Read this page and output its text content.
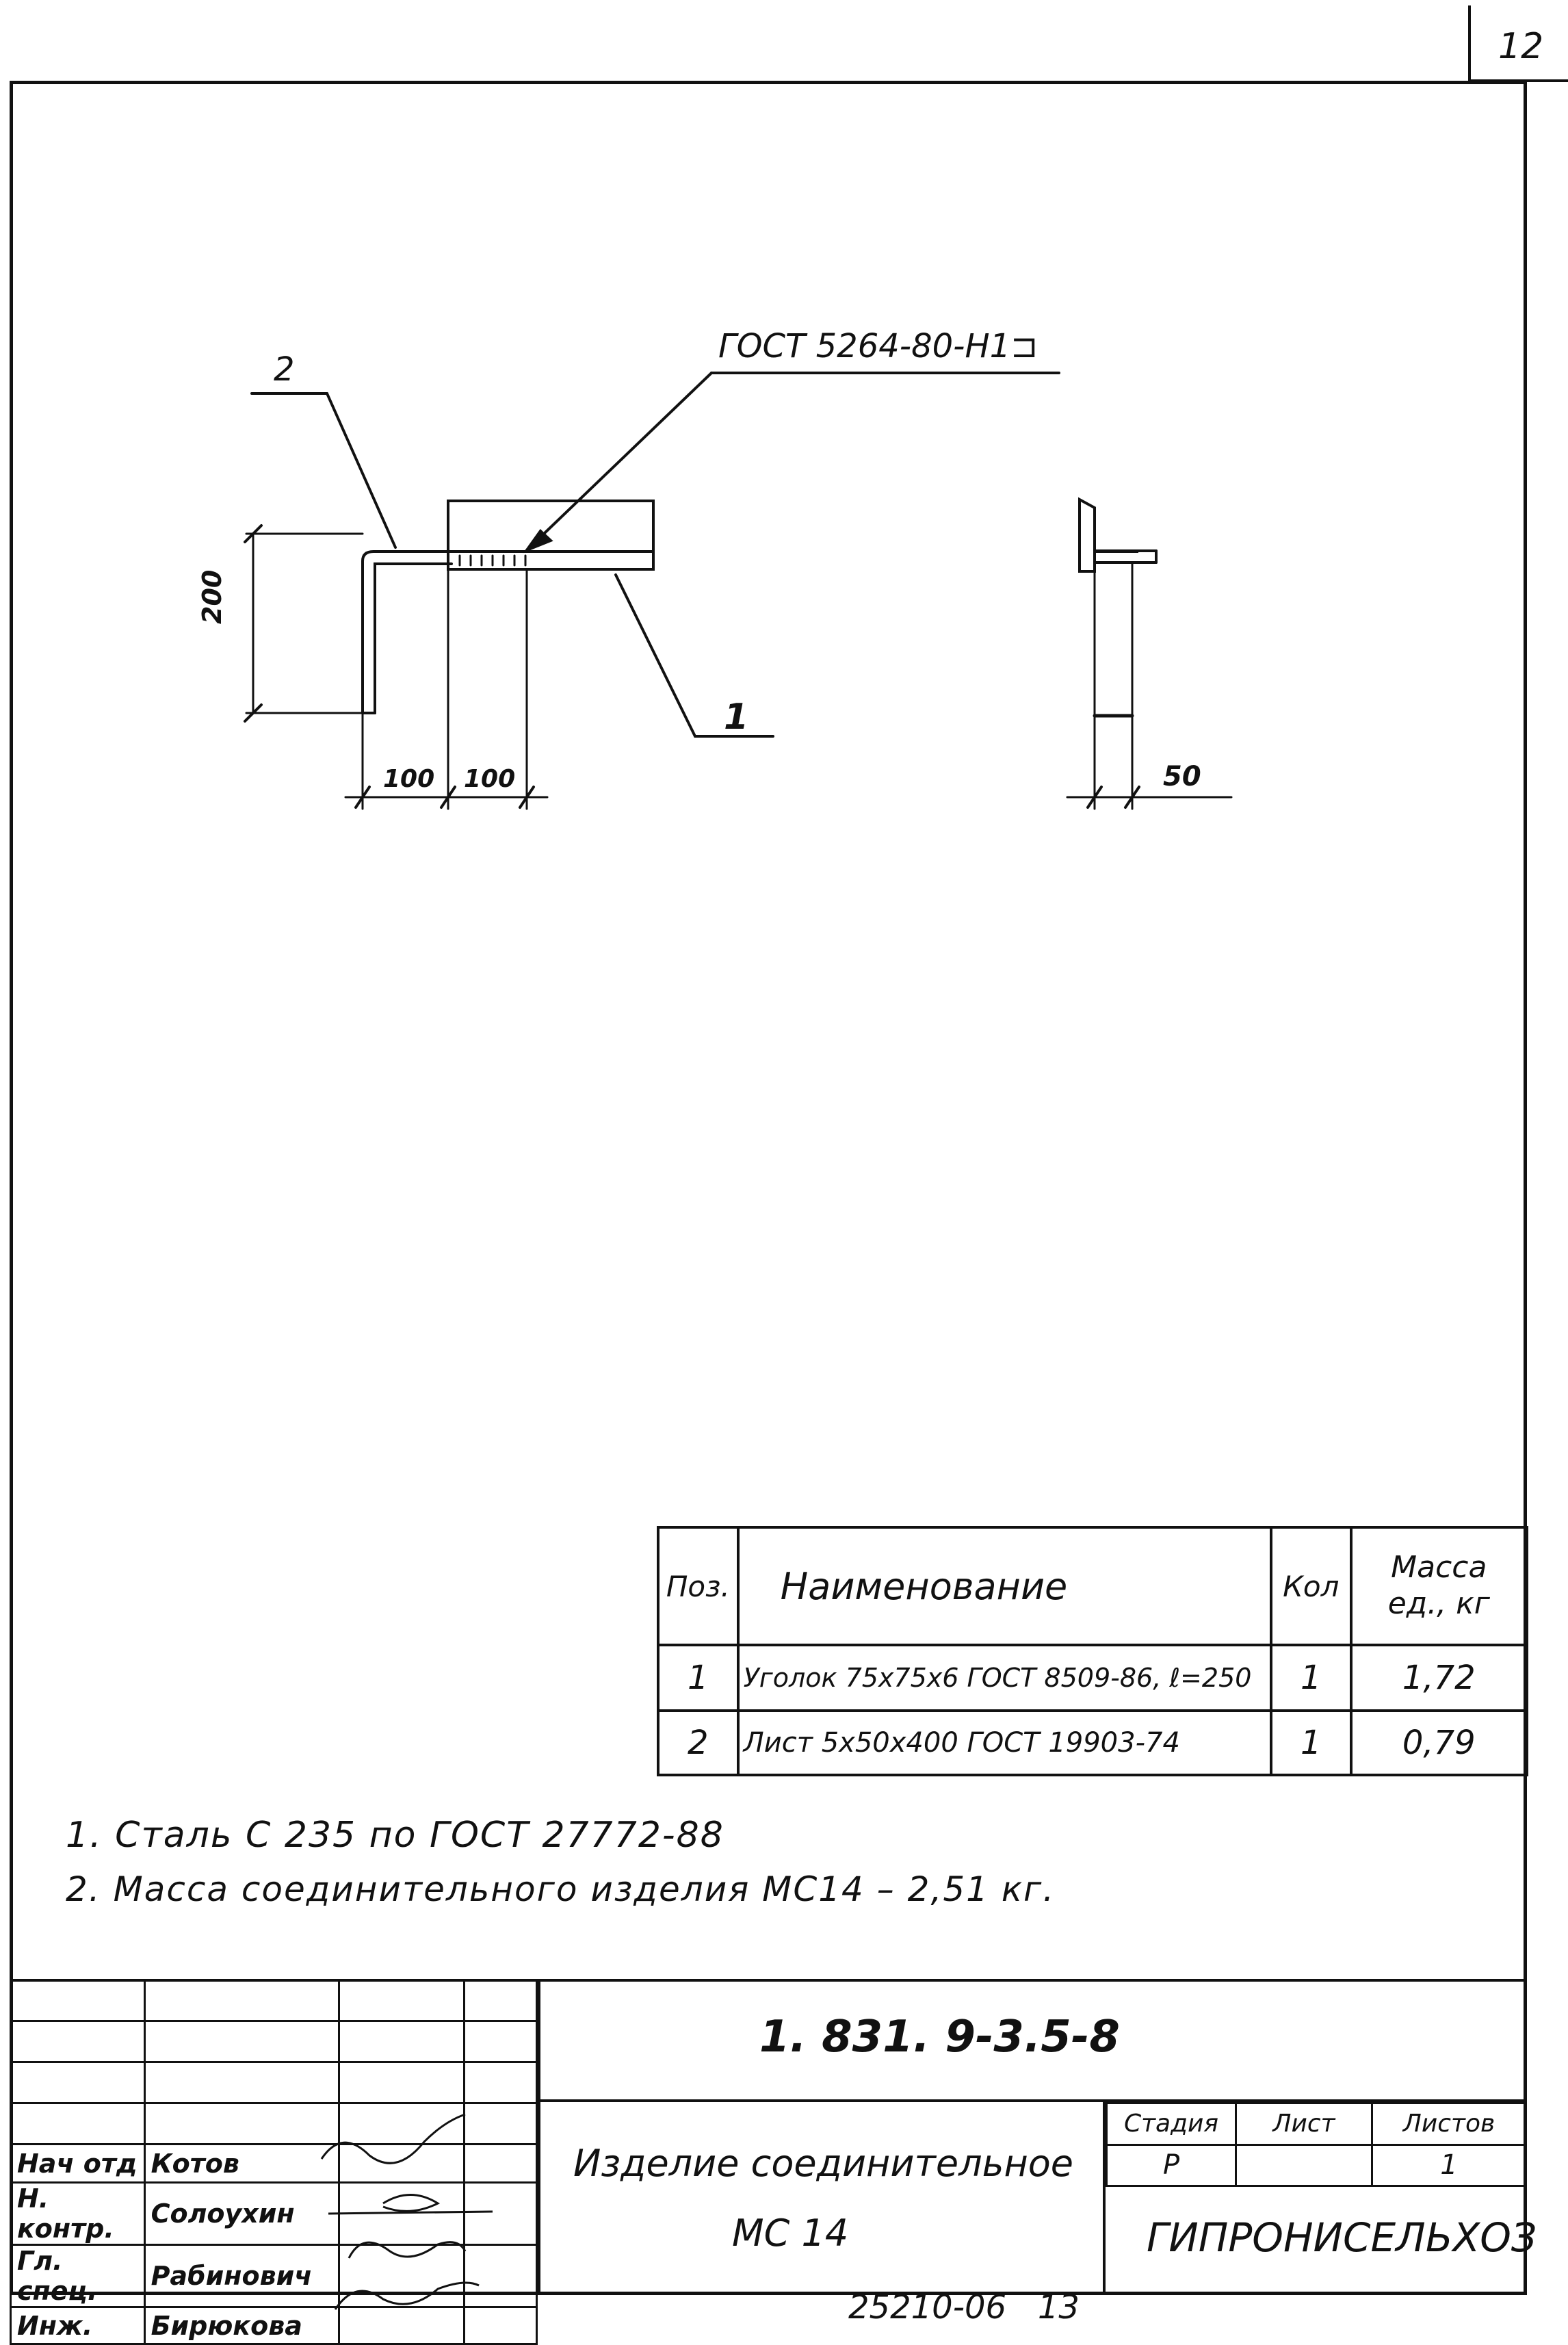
12
ГОСТ 5264-80-Н1⊐
2
1
200
100 100	50
Поз.	Наименование	Кол	Масса
ед., кг

1	Уголок 75x75x6 ГОСТ 8509-86, ℓ=250	1	1,72
2	Лист 5x50x400 ГОСТ 19903-74	1	0,79
1. Сталь С 235 по ГОСТ 27772-88
2. Масса соединительного изделия МС14 – 2,51 кг.

Нач отд	Котов		
Н. контр.	Солоухин		
Гл. спец.	Рабинович		
Инж.	Бирюкова		
1. 831. 9-3.5-8
Изделие соединительное
МС 14
Стадия	Лист	Листов
Р		1
ГИПРОНИСЕЛЬХОЗ
25210-06   13
